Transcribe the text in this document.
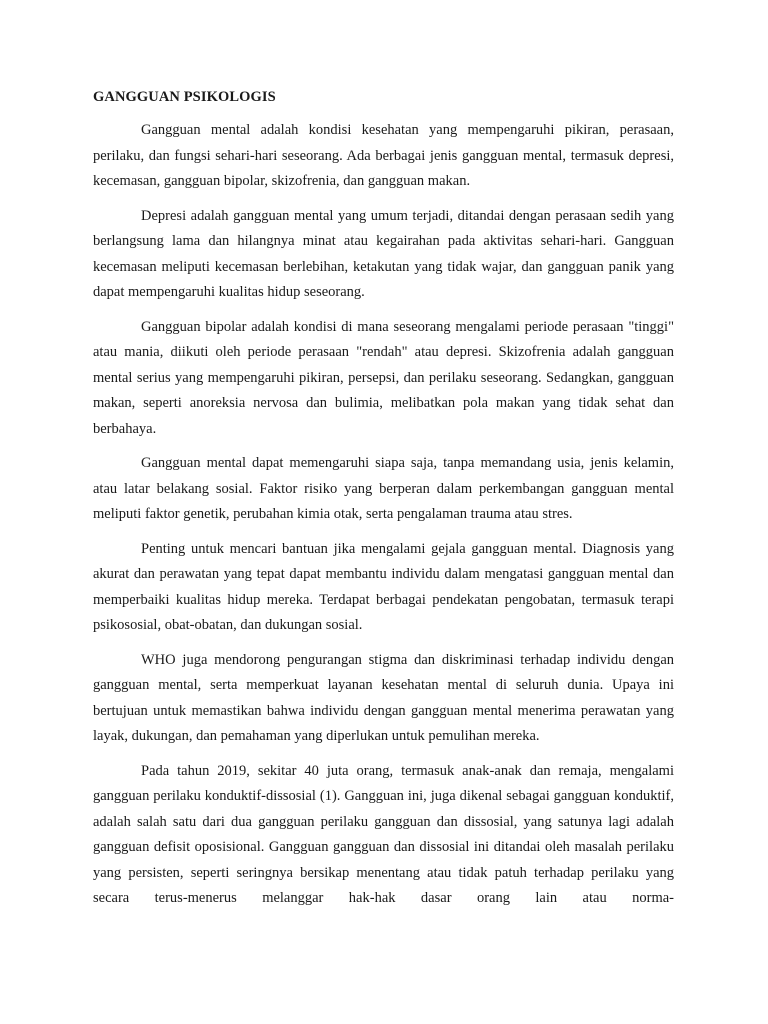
GANGGUAN PSIKOLOGIS

Gangguan mental adalah kondisi kesehatan yang mempengaruhi pikiran, perasaan, perilaku, dan fungsi sehari-hari seseorang. Ada berbagai jenis gangguan mental, termasuk depresi, kecemasan, gangguan bipolar, skizofrenia, dan gangguan makan.

Depresi adalah gangguan mental yang umum terjadi, ditandai dengan perasaan sedih yang berlangsung lama dan hilangnya minat atau kegairahan pada aktivitas sehari-hari. Gangguan kecemasan meliputi kecemasan berlebihan, ketakutan yang tidak wajar, dan gangguan panik yang dapat mempengaruhi kualitas hidup seseorang.

Gangguan bipolar adalah kondisi di mana seseorang mengalami periode perasaan "tinggi" atau mania, diikuti oleh periode perasaan "rendah" atau depresi. Skizofrenia adalah gangguan mental serius yang mempengaruhi pikiran, persepsi, dan perilaku seseorang. Sedangkan, gangguan makan, seperti anoreksia nervosa dan bulimia, melibatkan pola makan yang tidak sehat dan berbahaya.

Gangguan mental dapat memengaruhi siapa saja, tanpa memandang usia, jenis kelamin, atau latar belakang sosial. Faktor risiko yang berperan dalam perkembangan gangguan mental meliputi faktor genetik, perubahan kimia otak, serta pengalaman trauma atau stres.

Penting untuk mencari bantuan jika mengalami gejala gangguan mental. Diagnosis yang akurat dan perawatan yang tepat dapat membantu individu dalam mengatasi gangguan mental dan memperbaiki kualitas hidup mereka. Terdapat berbagai pendekatan pengobatan, termasuk terapi psikososial, obat-obatan, dan dukungan sosial.

WHO juga mendorong pengurangan stigma dan diskriminasi terhadap individu dengan gangguan mental, serta memperkuat layanan kesehatan mental di seluruh dunia. Upaya ini bertujuan untuk memastikan bahwa individu dengan gangguan mental menerima perawatan yang layak, dukungan, dan pemahaman yang diperlukan untuk pemulihan mereka.

Pada tahun 2019, sekitar 40 juta orang, termasuk anak-anak dan remaja, mengalami gangguan perilaku konduktif-dissosial (1). Gangguan ini, juga dikenal sebagai gangguan konduktif, adalah salah satu dari dua gangguan perilaku gangguan dan dissosial, yang satunya lagi adalah gangguan defisit oposisional. Gangguan gangguan dan dissosial ini ditandai oleh masalah perilaku yang persisten, seperti seringnya bersikap menentang atau tidak patuh terhadap perilaku yang secara terus-menerus melanggar hak-hak dasar orang lain atau norma-
